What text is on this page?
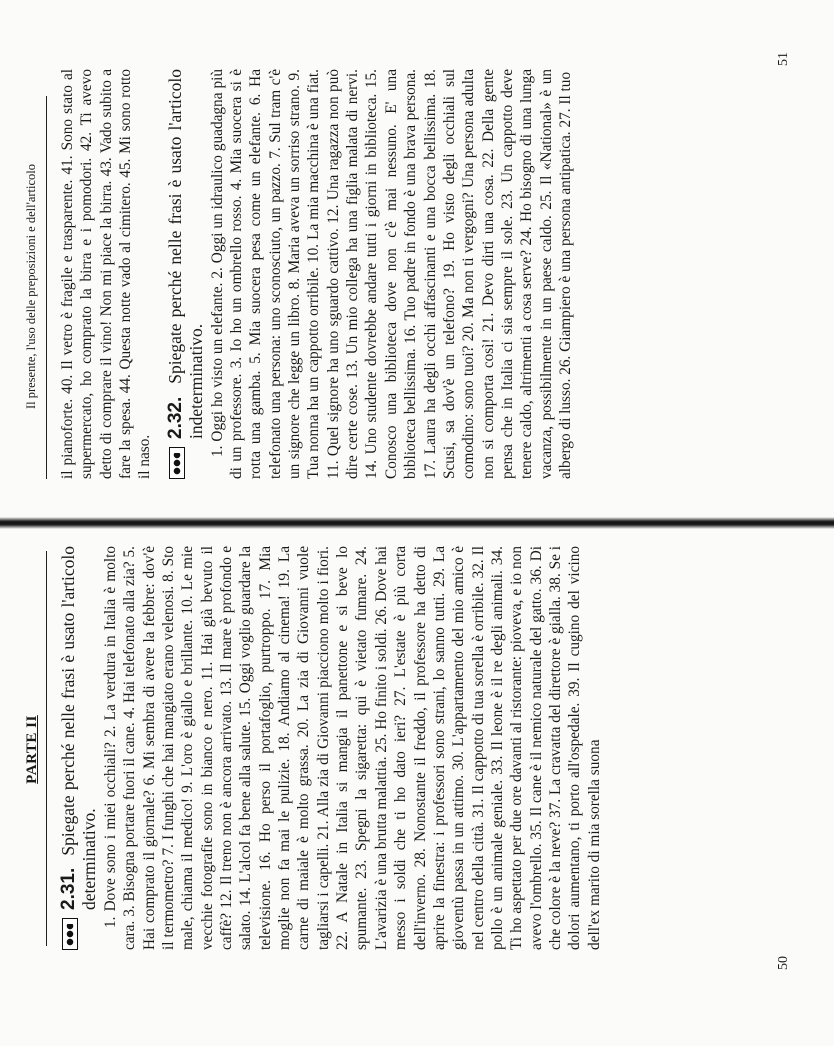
PARTE II
2.31. Spiegate perché nelle frasi è usato l'articolo determinativo. 1. Dove sono i miei occhiali? 2. La verdura in Italia è molto cara. 3. Bisogna portare fuori il cane. 4. Hai telefonato alla zia? 5. Hai comprato il giornale? 6. Mi sembra di avere la febbre: dov'è il termometro? 7. I funghi che hai mangiato erano velenosi. 8. Sto male, chiama il medico! 9. L'oro è giallo e brillante. 10. Le mie vecchie fotografie sono in bianco e nero. 11. Hai già bevuto il caffè? 12. Il treno non è ancora arrivato. 13. Il mare è profondo e salato. 14. L'alcol fa bene alla salute. 15. Oggi voglio guardare la televisione. 16. Ho perso il portafoglio, purtroppo. 17. Mia moglie non fa mai le pulizie. 18. Andiamo al cinema! 19. La carne di maiale è molto grassa. 20. La zia di Giovanni vuole tagliarsi i capelli. 21. Alla zia di Giovanni piacciono molto i fiori. 22. A Natale in Italia si mangia il panettone e si beve lo spumante. 23. Spegni la sigaretta: qui è vietato fumare. 24. L'avarizia è una brutta malattia. 25. Ho finito i soldi. 26. Dove hai messo i soldi che ti ho dato ieri? 27. L'estate è più corta dell'inverno. 28. Nonostante il freddo, il professore ha detto di aprire la finestra: i professori sono strani, lo sanno tutti. 29. La gioventù passa in un attimo. 30. L'appartamento del mio amico è nel centro della città. 31. Il cappotto di tua sorella è orribile. 32. Il pollo è un animale geniale. 33. Il leone è il re degli animali. 34. Ti ho aspettato per due ore davanti al ristorante: pioveva, e io non avevo l'ombrello. 35. Il cane è il nemico naturale del gatto. 36. Di che colore è la neve? 37. La cravatta del direttore è gialla. 38. Se i dolori aumentano, ti porto all'ospedale. 39. Il cugino del vicino dell'ex marito di mia sorella suona
50
Il presente, l'uso delle preposizioni e dell'articolo il pianoforte. 40. Il vetro è fragile e trasparente. 41. Sono stato al supermercato, ho comprato la birra e i pomodori. 42. Ti avevo detto di comprare il vino! Non mi piace la birra. 43. Vado subito a fare la spesa. 44. Questa notte vado al cimitero. 45. Mi sono rotto il naso.
2.32. Spiegate perché nelle frasi è usato l'articolo indeterminativo. 1. Oggi ho visto un elefante. 2. Oggi un idraulico guadagna più di un professore. 3. Io ho un ombrello rosso. 4. Mia suocera si è rotta una gamba. 5. Mia suocera pesa come un elefante. 6. Ha telefonato una persona: uno sconosciuto, un pazzo. 7. Sul tram c'è un signore che legge un libro. 8. Maria aveva un sorriso strano. 9. Tua nonna ha un cappotto orribile. 10. La mia macchina è una fiat. 11. Quel signore ha uno sguardo cattivo. 12. Una ragazza non può dire certe cose. 13. Un mio collega ha una figlia malata di nervi. 14. Uno studente dovrebbe andare tutti i giorni in biblioteca. 15. Conosco una biblioteca dove non c'è mai nessuno. E' una biblioteca bellissima. 16. Tuo padre in fondo è una brava persona. 17. Laura ha degli occhi affascinanti e una bocca bellissima. 18. Scusi, sa dov'è un telefono? 19. Ho visto degli occhiali sul comodino: sono tuoi? 20. Ma non ti vergogni? Una persona adulta non si comporta così! 21. Devo dirti una cosa. 22. Della gente pensa che in Italia ci sia sempre il sole. 23. Un cappotto deve tenere caldo, altrimenti a cosa serve? 24. Ho bisogno di una lunga vacanza, possibilmente in un paese caldo. 25. Il «National» è un albergo di lusso. 26. Giampiero è una persona antipatica. 27. Il tuo
51
